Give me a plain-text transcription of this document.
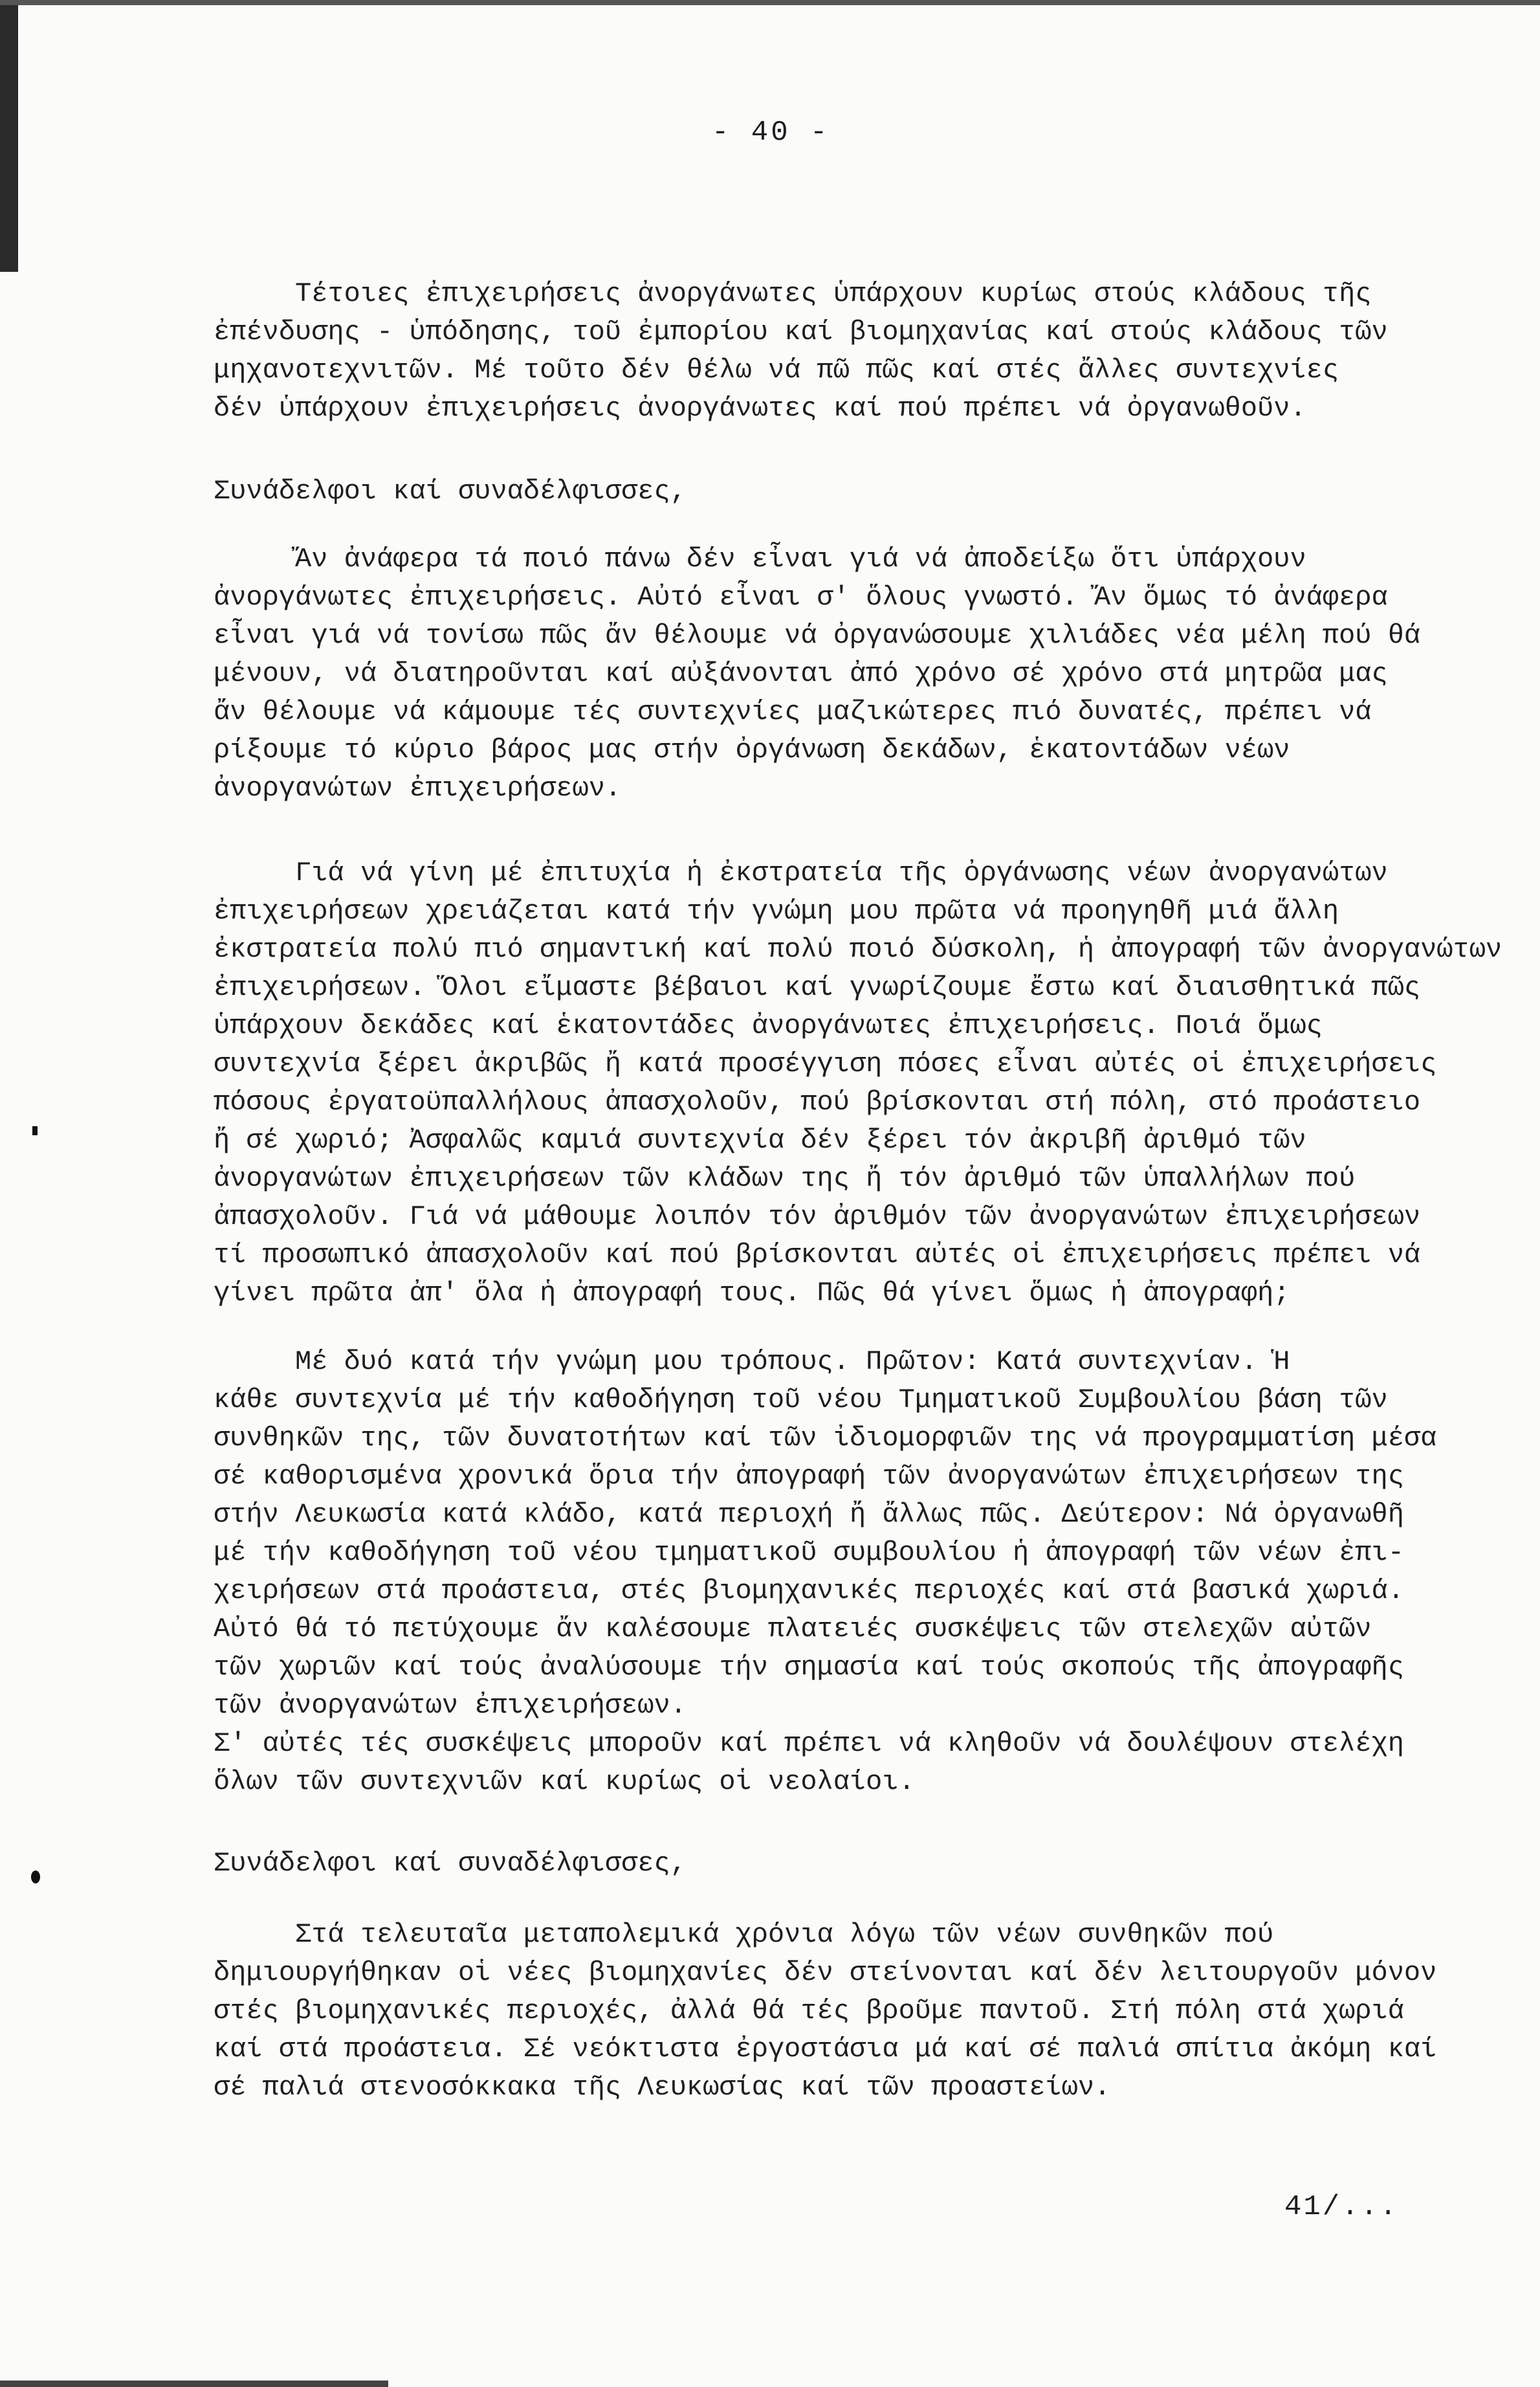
- 40 -
Τέτοιες ἐπιχειρήσεις ἀνοργάνωτες ὑπάρχουν κυρίως στούς κλάδους τῆς
ἐπένδυσης - ὑπόδησης, τοῦ ἐμπορίου καί βιομηχανίας καί στούς κλάδους τῶν
μηχανοτεχνιτῶν. Μέ τοῦτο δέν θέλω νά πῶ πῶς καί στές ἄλλες συντεχνίες
δέν ὑπάρχουν ἐπιχειρήσεις ἀνοργάνωτες καί πού πρέπει νά ὀργανωθοῦν.
Συνάδελφοι καί συναδέλφισσες,
Ἄν ἀνάφερα τά ποιό πάνω δέν εἶναι γιά νά ἀποδείξω ὅτι ὑπάρχουν
ἀνοργάνωτες ἐπιχειρήσεις. Αὐτό εἶναι σ' ὅλους γνωστό. Ἄν ὅμως τό ἀνάφερα
εἶναι γιά νά τονίσω πῶς ἄν θέλουμε νά ὀργανώσουμε χιλιάδες νέα μέλη πού θά
μένουν, νά διατηροῦνται καί αὐξάνονται ἀπό χρόνο σέ χρόνο στά μητρῶα μας
ἄν θέλουμε νά κάμουμε τές συντεχνίες μαζικώτερες πιό δυνατές, πρέπει νά
ρίξουμε τό κύριο βάρος μας στήν ὀργάνωση δεκάδων, ἑκατοντάδων νέων
ἀνοργανώτων ἐπιχειρήσεων.
Γιά νά γίνη μέ ἐπιτυχία ἡ ἐκστρατεία τῆς ὀργάνωσης νέων ἀνοργανώτων
ἐπιχειρήσεων χρειάζεται κατά τήν γνώμη μου πρῶτα νά προηγηθῆ μιά ἄλλη
ἐκστρατεία πολύ πιό σημαντική καί πολύ ποιό δύσκολη, ἡ ἀπογραφή τῶν ἀνοργανώτων
ἐπιχειρήσεων. Ὅλοι εἴμαστε βέβαιοι καί γνωρίζουμε ἔστω καί διαισθητικά πῶς
ὑπάρχουν δεκάδες καί ἑκατοντάδες ἀνοργάνωτες ἐπιχειρήσεις. Ποιά ὅμως
συντεχνία ξέρει ἀκριβῶς ἤ κατά προσέγγιση πόσες εἶναι αὐτές οἱ ἐπιχειρήσεις
πόσους ἐργατοϋπαλλήλους ἀπασχολοῦν, πού βρίσκονται στή πόλη, στό προάστειο
ἤ σέ χωριό; Ἀσφαλῶς καμιά συντεχνία δέν ξέρει τόν ἀκριβῆ ἀριθμό τῶν
ἀνοργανώτων ἐπιχειρήσεων τῶν κλάδων της ἤ τόν ἀριθμό τῶν ὑπαλλήλων πού
ἀπασχολοῦν. Γιά νά μάθουμε λοιπόν τόν ἀριθμόν τῶν ἀνοργανώτων ἐπιχειρήσεων
τί προσωπικό ἀπασχολοῦν καί πού βρίσκονται αὐτές οἱ ἐπιχειρήσεις πρέπει νά
γίνει πρῶτα ἀπ' ὅλα ἡ ἀπογραφή τους. Πῶς θά γίνει ὅμως ἡ ἀπογραφή;
Μέ δυό κατά τήν γνώμη μου τρόπους. Πρῶτον: Κατά συντεχνίαν. Ἡ
κάθε συντεχνία μέ τήν καθοδήγηση τοῦ νέου Τμηματικοῦ Συμβουλίου βάση τῶν
συνθηκῶν της, τῶν δυνατοτήτων καί τῶν ἰδιομορφιῶν της νά προγραμματίση μέσα
σέ καθορισμένα χρονικά ὅρια τήν ἀπογραφή τῶν ἀνοργανώτων ἐπιχειρήσεων της
στήν Λευκωσία κατά κλάδο, κατά περιοχή ἤ ἄλλως πῶς. Δεύτερον: Νά ὀργανωθῆ
μέ τήν καθοδήγηση τοῦ νέου τμηματικοῦ συμβουλίου ἡ ἀπογραφή τῶν νέων ἐπι-
χειρήσεων στά προάστεια, στές βιομηχανικές περιοχές καί στά βασικά χωριά.
Αὐτό θά τό πετύχουμε ἄν καλέσουμε πλατειές συσκέψεις τῶν στελεχῶν αὐτῶν
τῶν χωριῶν καί τούς ἀναλύσουμε τήν σημασία καί τούς σκοπούς τῆς ἀπογραφῆς
τῶν ἀνοργανώτων ἐπιχειρήσεων.
Σ' αὐτές τές συσκέψεις μποροῦν καί πρέπει νά κληθοῦν νά δουλέψουν στελέχη
ὅλων τῶν συντεχνιῶν καί κυρίως οἱ νεολαίοι.
Συνάδελφοι καί συναδέλφισσες,
Στά τελευταῖα μεταπολεμικά χρόνια λόγω τῶν νέων συνθηκῶν πού
δημιουργήθηκαν οἱ νέες βιομηχανίες δέν στείνονται καί δέν λειτουργοῦν μόνον
στές βιομηχανικές περιοχές, ἀλλά θά τές βροῦμε παντοῦ. Στή πόλη στά χωριά
καί στά προάστεια. Σέ νεόκτιστα ἐργοστάσια μά καί σέ παλιά σπίτια ἀκόμη καί
σέ παλιά στενοσόκκακα τῆς Λευκωσίας καί τῶν προαστείων.
41/...
